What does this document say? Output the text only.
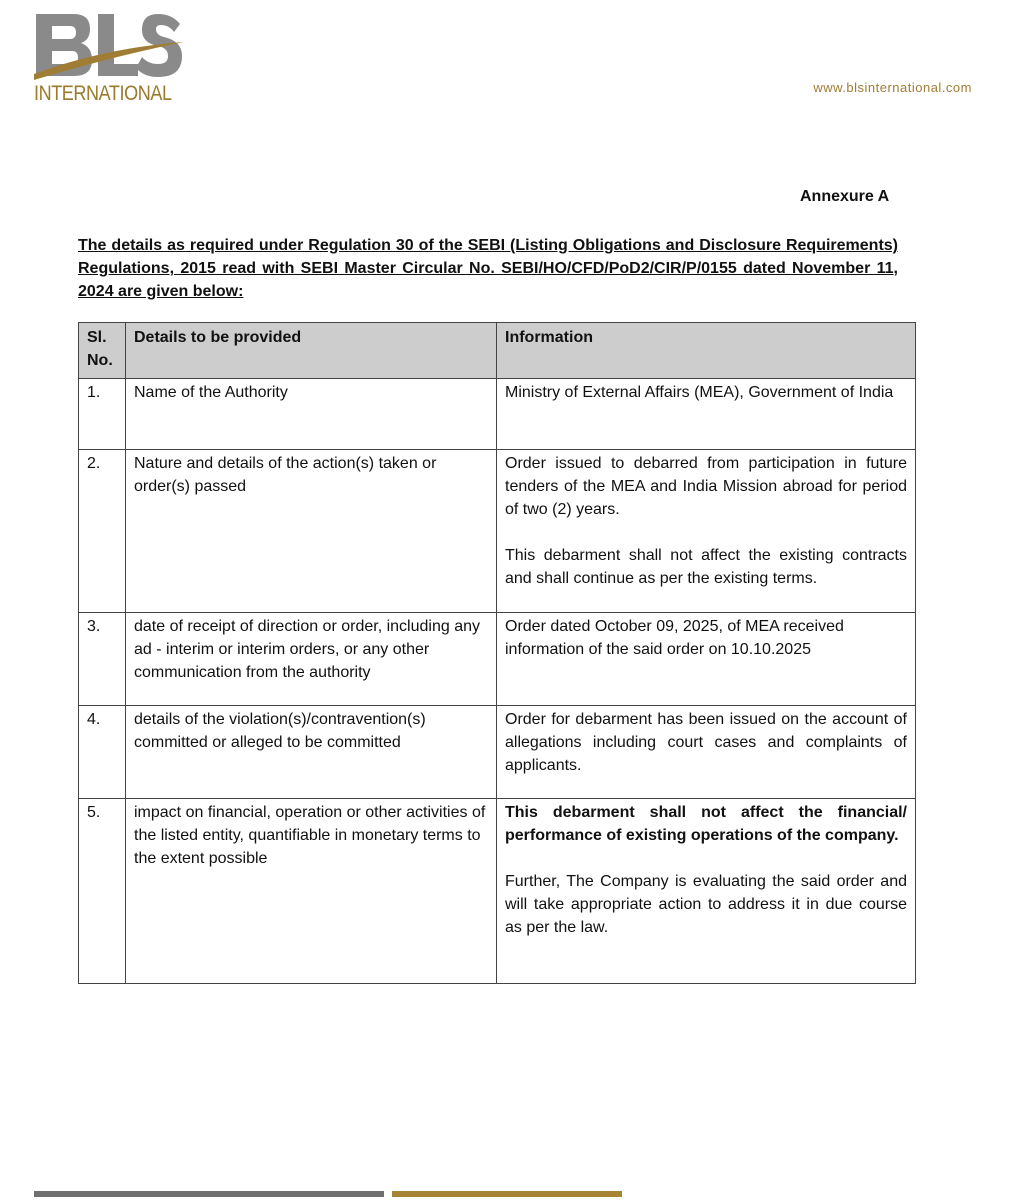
INTERNATIONAL	www.blsinternational.com
Annexure A
The details as required under Regulation 30 of the SEBI (Listing Obligations and Disclosure Requirements) Regulations, 2015 read with SEBI Master Circular No. SEBI/HO/CFD/PoD2/CIR/P/0155 dated November 11, 2024 are given below:
Sl. No.	Details to be provided	Information
1.	Name of the Authority	Ministry of External Affairs (MEA), Government of India

2.	Nature and details of the action(s) taken or order(s) passed	Order issued to debarred from participation in future tenders of the MEA and India Mission abroad for period of two (2) years.

This debarment shall not affect the existing contracts and shall continue as per the existing terms.

3.	date of receipt of direction or order, including any ad - interim or interim orders, or any other communication from the authority	Order dated October 09, 2025, of MEA received information of the said order on 10.10.2025

4.	details of the violation(s)/contravention(s) committed or alleged to be committed	Order for debarment has been issued on the account of allegations including court cases and complaints of applicants.

5.	impact on financial, operation or other activities of the listed entity, quantifiable in monetary terms to the extent possible	This debarment shall not affect the financial/ performance of existing operations of the company.

Further, The Company is evaluating the said order and will take appropriate action to address it in due course as per the law.
